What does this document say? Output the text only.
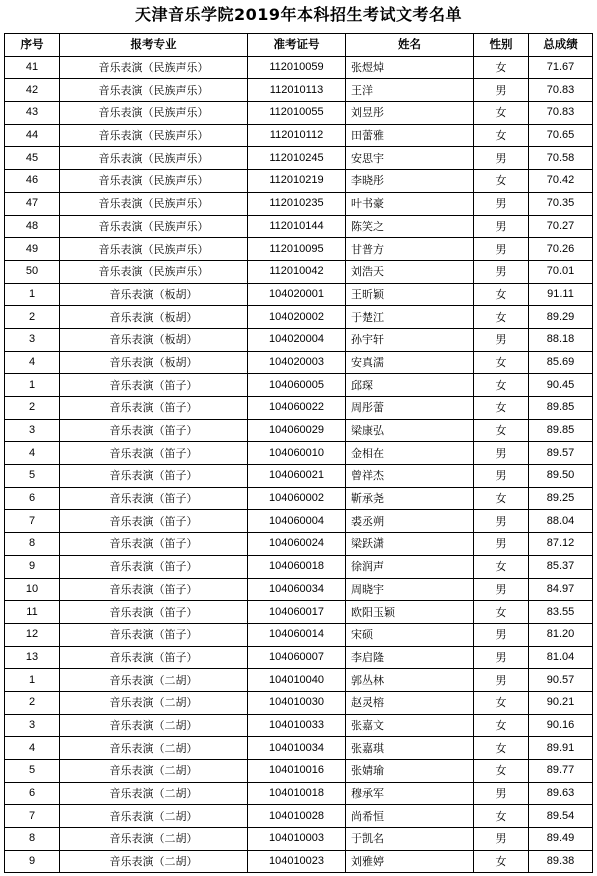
天津音乐学院2019年本科招生考试文考名单
序号	报考专业	准考证号	姓名	性别	总成绩
41	音乐表演（民族声乐）	112010059	张煜焯	女	71.67
42	音乐表演（民族声乐）	112010113	王洋	男	70.83
43	音乐表演（民族声乐）	112010055	刘昱彤	女	70.83
44	音乐表演（民族声乐）	112010112	田蕾雅	女	70.65
45	音乐表演（民族声乐）	112010245	安思宇	男	70.58
46	音乐表演（民族声乐）	112010219	李晓彤	女	70.42
47	音乐表演（民族声乐）	112010235	叶书豪	男	70.35
48	音乐表演（民族声乐）	112010144	陈笑之	男	70.27
49	音乐表演（民族声乐）	112010095	甘普方	男	70.26
50	音乐表演（民族声乐）	112010042	刘浩天	男	70.01
1	音乐表演（板胡）	104020001	王昕颖	女	91.11
2	音乐表演（板胡）	104020002	于楚江	女	89.29
3	音乐表演（板胡）	104020004	孙宇轩	男	88.18
4	音乐表演（板胡）	104020003	安真濡	女	85.69
1	音乐表演（笛子）	104060005	邱琛	女	90.45
2	音乐表演（笛子）	104060022	周彤蕾	女	89.85
3	音乐表演（笛子）	104060029	梁康弘	女	89.85
4	音乐表演（笛子）	104060010	金相在	男	89.57
5	音乐表演（笛子）	104060021	曾祥杰	男	89.50
6	音乐表演（笛子）	104060002	靳承尧	女	89.25
7	音乐表演（笛子）	104060004	裘丞朔	男	88.04
8	音乐表演（笛子）	104060024	梁跃潇	男	87.12
9	音乐表演（笛子）	104060018	徐润声	女	85.37
10	音乐表演（笛子）	104060034	周晓宇	男	84.97
11	音乐表演（笛子）	104060017	欧阳玉颖	女	83.55
12	音乐表演（笛子）	104060014	宋硕	男	81.20
13	音乐表演（笛子）	104060007	李启隆	男	81.04
1	音乐表演（二胡）	104010040	郭丛林	男	90.57
2	音乐表演（二胡）	104010030	赵灵榕	女	90.21
3	音乐表演（二胡）	104010033	张嘉文	女	90.16
4	音乐表演（二胡）	104010034	张嘉琪	女	89.91
5	音乐表演（二胡）	104010016	张婧瑜	女	89.77
6	音乐表演（二胡）	104010018	穆承军	男	89.63
7	音乐表演（二胡）	104010028	尚希恒	女	89.54
8	音乐表演（二胡）	104010003	于凯名	男	89.49
9	音乐表演（二胡）	104010023	刘雅婷	女	89.38
